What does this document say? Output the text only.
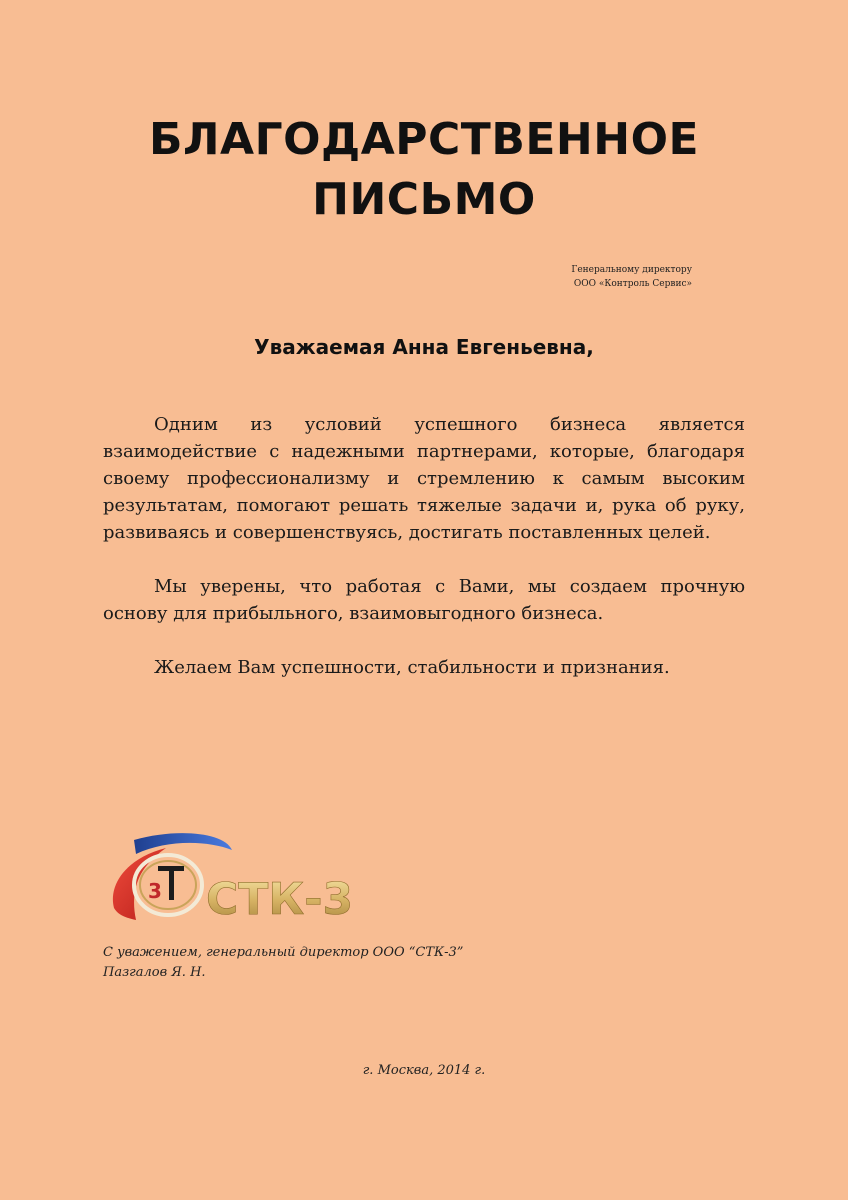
БЛАГОДАРСТВЕННОЕ
ПИСЬМО
Генеральному директору
ООО «Контроль Сервис»
Уважаемая Анна Евгеньевна,

Одним из условий успешного бизнеса является взаимодействие с надежными партнерами, которые, благодаря своему профессионализму и стремлению к самым высоким результатам, помогают решать тяжелые задачи и, рука об руку, развиваясь и совершенствуясь, достигать поставленных целей.

Мы уверены, что работая с Вами, мы создаем прочную основу для прибыльного, взаимовыгодного бизнеса.

Желаем Вам успешности, стабильности и признания.

3 СТК-3
С уважением, генеральный директор ООО “СТК-3”
Пазгалов Я. Н.
г. Москва, 2014 г.
